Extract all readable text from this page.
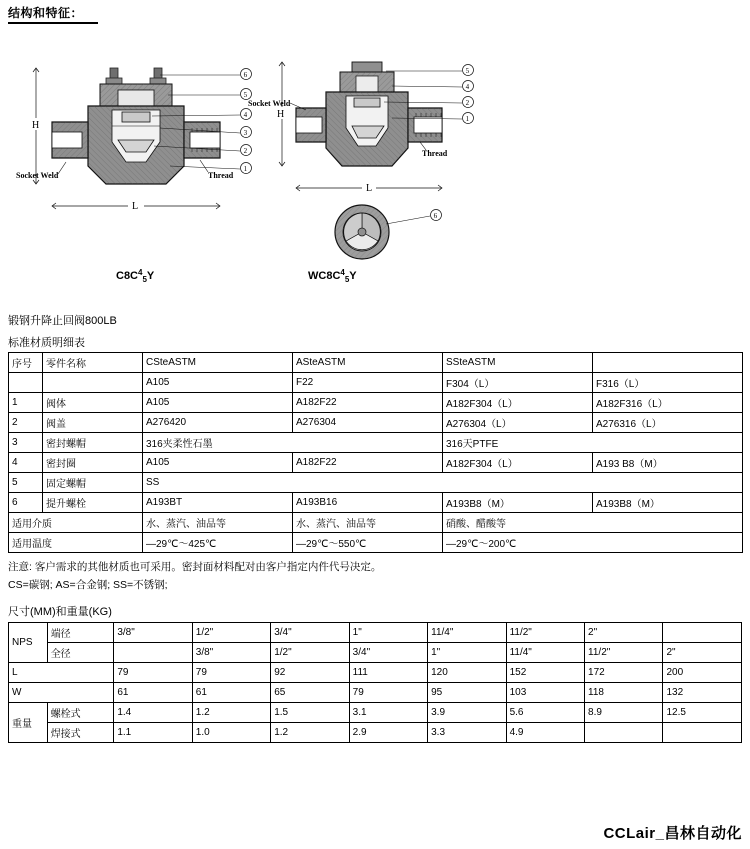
结构和特征：
H
L
Socket Weld	Thread
6
5
4
3
2
1
H
L
Socket Weld
Thread
5
4
2
1
6
$C8C^4_5Y$	$WC8C^4_5Y$
锻钢升降止回阀800LB
标准材质明细表
序号	零件名称	CSteASTM	ASteASTM	SSteASTM	
		A105	F22	F304（L）	F316（L）
1	阀体	A105	A182F22	A182F304（L）	A182F316（L）
2	阀盖	A276420	A276304	A276304（L）	A276316（L）
3	密封螺帽	316夹柔性石墨		316天PTFE	
4	密封圈	A105	A182F22	A182F304（L）	A193 B8（M）
5	固定螺帽	SS			
6	提升螺栓	A193BT	A193B16	A193B8（M）	A193B8（M）
适用介质		水、蒸汽、油品等	水、蒸汽、油品等	硝酸、醋酸等	
适用温度		—29℃～425℃	—29℃～550℃	—29℃～200℃	
注意: 客户需求的其他材质也可采用。密封面材料配对由客户指定内件代号决定。
CS=碳钢; AS=合金钢; SS=不锈钢;
尺寸(MM)和重量(KG)
NPS	端径	3/8"	1/2"	3/4"	1"	11/4"	11/2"	2"	
	全径		3/8"	1/2"	3/4"	1"	11/4"	11/2"	2"
L		79	79	92	111	120	152	172	200
W		61	61	65	79	95	103	118	132
重量	螺栓式	1.4	1.2	1.5	3.1	3.9	5.6	8.9	12.5
	焊接式	1.1	1.0	1.2	2.9	3.3	4.9		
CCLair_昌林自动化
